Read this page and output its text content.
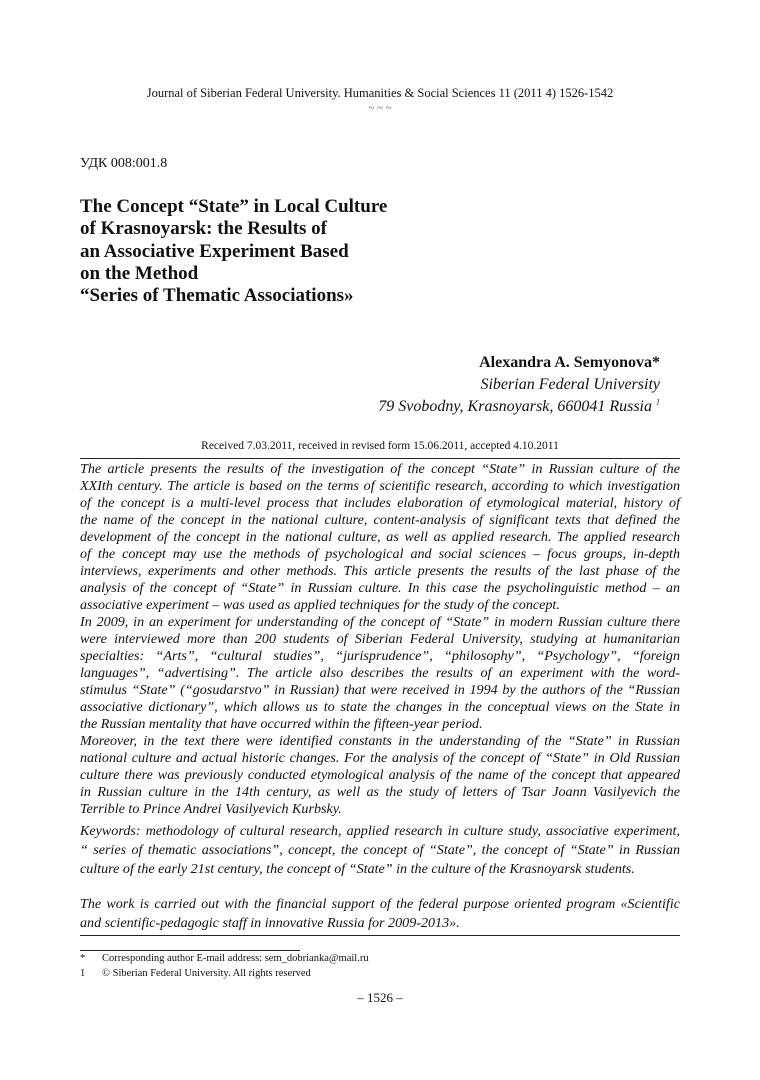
Journal of Siberian Federal University. Humanities & Social Sciences 11 (2011 4) 1526-1542
~ ~ ~
УДК 008:001.8
The Concept “State” in Local Culture
of Krasnoyarsk: the Results of
an Associative Experiment Based
on the Method
“Series of Thematic Associations»
Alexandra A. Semyonova*
Siberian Federal University
79 Svobodny, Krasnoyarsk, 660041 Russia $^1$
Received 7.03.2011, received in revised form 15.06.2011, accepted 4.10.2011
The article presents the results of the investigation of the concept “State” in Russian culture of the
XXIth century. The article is based on the terms of scientific research, according to which investigation
of the concept is a multi-level process that includes elaboration of etymological material, history of
the name of the concept in the national culture, content-analysis of significant texts that defined the
development of the concept in the national culture, as well as applied research. The applied research
of the concept may use the methods of psychological and social sciences – focus groups, in-depth
interviews, experiments and other methods. This article presents the results of the last phase of the
analysis of the concept of “State” in Russian culture. In this case the psycholinguistic method – an
associative experiment – was used as applied techniques for the study of the concept.
In 2009, in an experiment for understanding of the concept of “State” in modern Russian culture there
were interviewed more than 200 students of Siberian Federal University, studying at humanitarian
specialties: “Arts”, “cultural studies”, “jurisprudence”, “philosophy”, “Psychology”, “foreign
languages”, “advertising”. The article also describes the results of an experiment with the word-
stimulus “State” (“gosudarstvo” in Russian) that were received in 1994 by the authors of the “Russian
associative dictionary”, which allows us to state the changes in the conceptual views on the State in
the Russian mentality that have occurred within the fifteen-year period.
Moreover, in the text there were identified constants in the understanding of the “State” in Russian
national culture and actual historic changes. For the analysis of the concept of “State” in Old Russian
culture there was previously conducted etymological analysis of the name of the concept that appeared
in Russian culture in the 14th century, as well as the study of letters of Tsar Joann Vasilyevich the
Terrible to Prince Andrei Vasilyevich Kurbsky.
Keywords: methodology of cultural research, applied research in culture study, associative experiment,
“ series of thematic associations”, concept, the concept of “State”, the concept of “State” in Russian
culture of the early 21st century, the concept of “State” in the culture of the Krasnoyarsk students.
The work is carried out with the financial support of the federal purpose oriented program «Scientific
and scientific-pedagogic staff in innovative Russia for 2009-2013».
* Corresponding author E-mail address: sem_dobrianka@mail.ru
1 © Siberian Federal University. All rights reserved
– 1526 –
